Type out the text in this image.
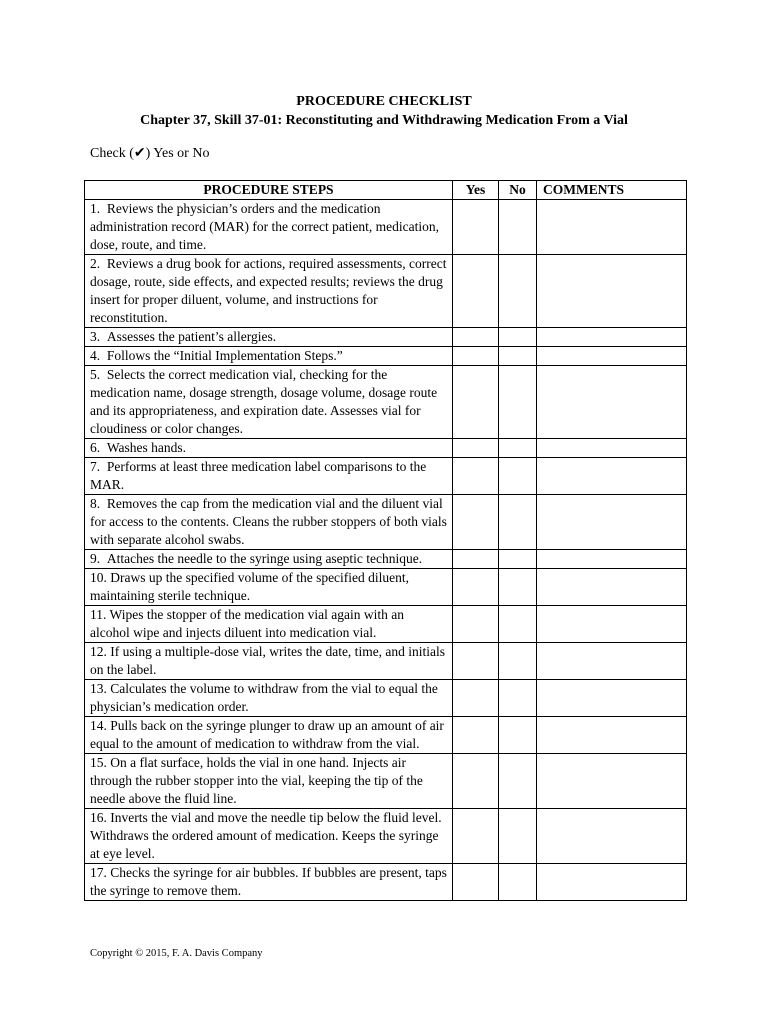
PROCEDURE CHECKLIST
Chapter 37, Skill 37-01: Reconstituting and Withdrawing Medication From a Vial
Check (✔) Yes or No
PROCEDURE STEPS	Yes	No	COMMENTS
1.  Reviews the physician’s orders and the medication administration record (MAR) for the correct patient, medication, dose, route, and time.			
2.  Reviews a drug book for actions, required assessments, correct dosage, route, side effects, and expected results; reviews the drug insert for proper diluent, volume, and instructions for reconstitution.			
3.  Assesses the patient’s allergies.			
4.  Follows the “Initial Implementation Steps.”			
5.  Selects the correct medication vial, checking for the medication name, dosage strength, dosage volume, dosage route and its appropriateness, and expiration date. Assesses vial for cloudiness or color changes.			
6.  Washes hands.			
7.  Performs at least three medication label comparisons to the MAR.			
8.  Removes the cap from the medication vial and the diluent vial for access to the contents. Cleans the rubber stoppers of both vials with separate alcohol swabs.			
9.  Attaches the needle to the syringe using aseptic technique.			
10. Draws up the specified volume of the specified diluent, maintaining sterile technique.			
11. Wipes the stopper of the medication vial again with an alcohol wipe and injects diluent into medication vial.			
12. If using a multiple-dose vial, writes the date, time, and initials on the label.			
13. Calculates the volume to withdraw from the vial to equal the physician’s medication order.			
14. Pulls back on the syringe plunger to draw up an amount of air equal to the amount of medication to withdraw from the vial.			
15. On a flat surface, holds the vial in one hand. Injects air through the rubber stopper into the vial, keeping the tip of the needle above the fluid line.			
16. Inverts the vial and move the needle tip below the fluid level. Withdraws the ordered amount of medication. Keeps the syringe at eye level.			
17. Checks the syringe for air bubbles. If bubbles are present, taps the syringe to remove them.			
Copyright © 2015, F. A. Davis Company
